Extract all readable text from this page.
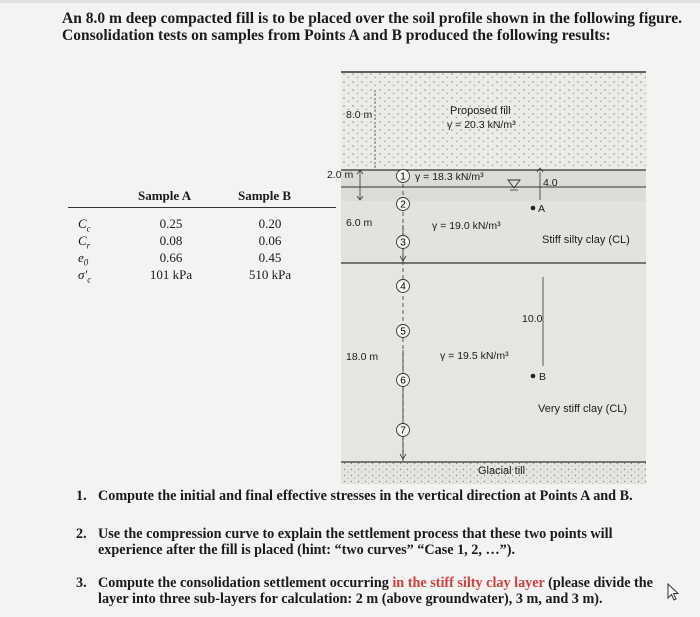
An 8.0 m deep compacted fill is to be placed over the soil profile shown in the following figure.
Consolidation tests on samples from Points A and B produced the following results:
Sample A	Sample B
$C_c$	0.25	0.20
$C_r$	0.08	0.06
$e_0$	0.66	0.45
$\sigma'_c$	101 kPa	510 kPa
1
2
3
4
5
6
7
8.0 m	Proposed fill
γ = 20.3 kN/m³
2.0 m	γ = 18.3 kN/m³	4.0
A
6.0 m	γ = 19.0 kN/m³
Stiff silty clay (CL)
10.0
18.0 m	γ = 19.5 kN/m³
B
Very stiff clay (CL)
Glacial till
1. Compute the initial and final effective stresses in the vertical direction at Points A and B.
2. Use the compression curve to explain the settlement process that these two points will
experience after the fill is placed (hint: “two curves” “Case 1, 2, …”).
3. Compute the consolidation settlement occurring in the stiff silty clay layer (please divide the
layer into three sub-layers for calculation: 2 m (above groundwater), 3 m, and 3 m).
